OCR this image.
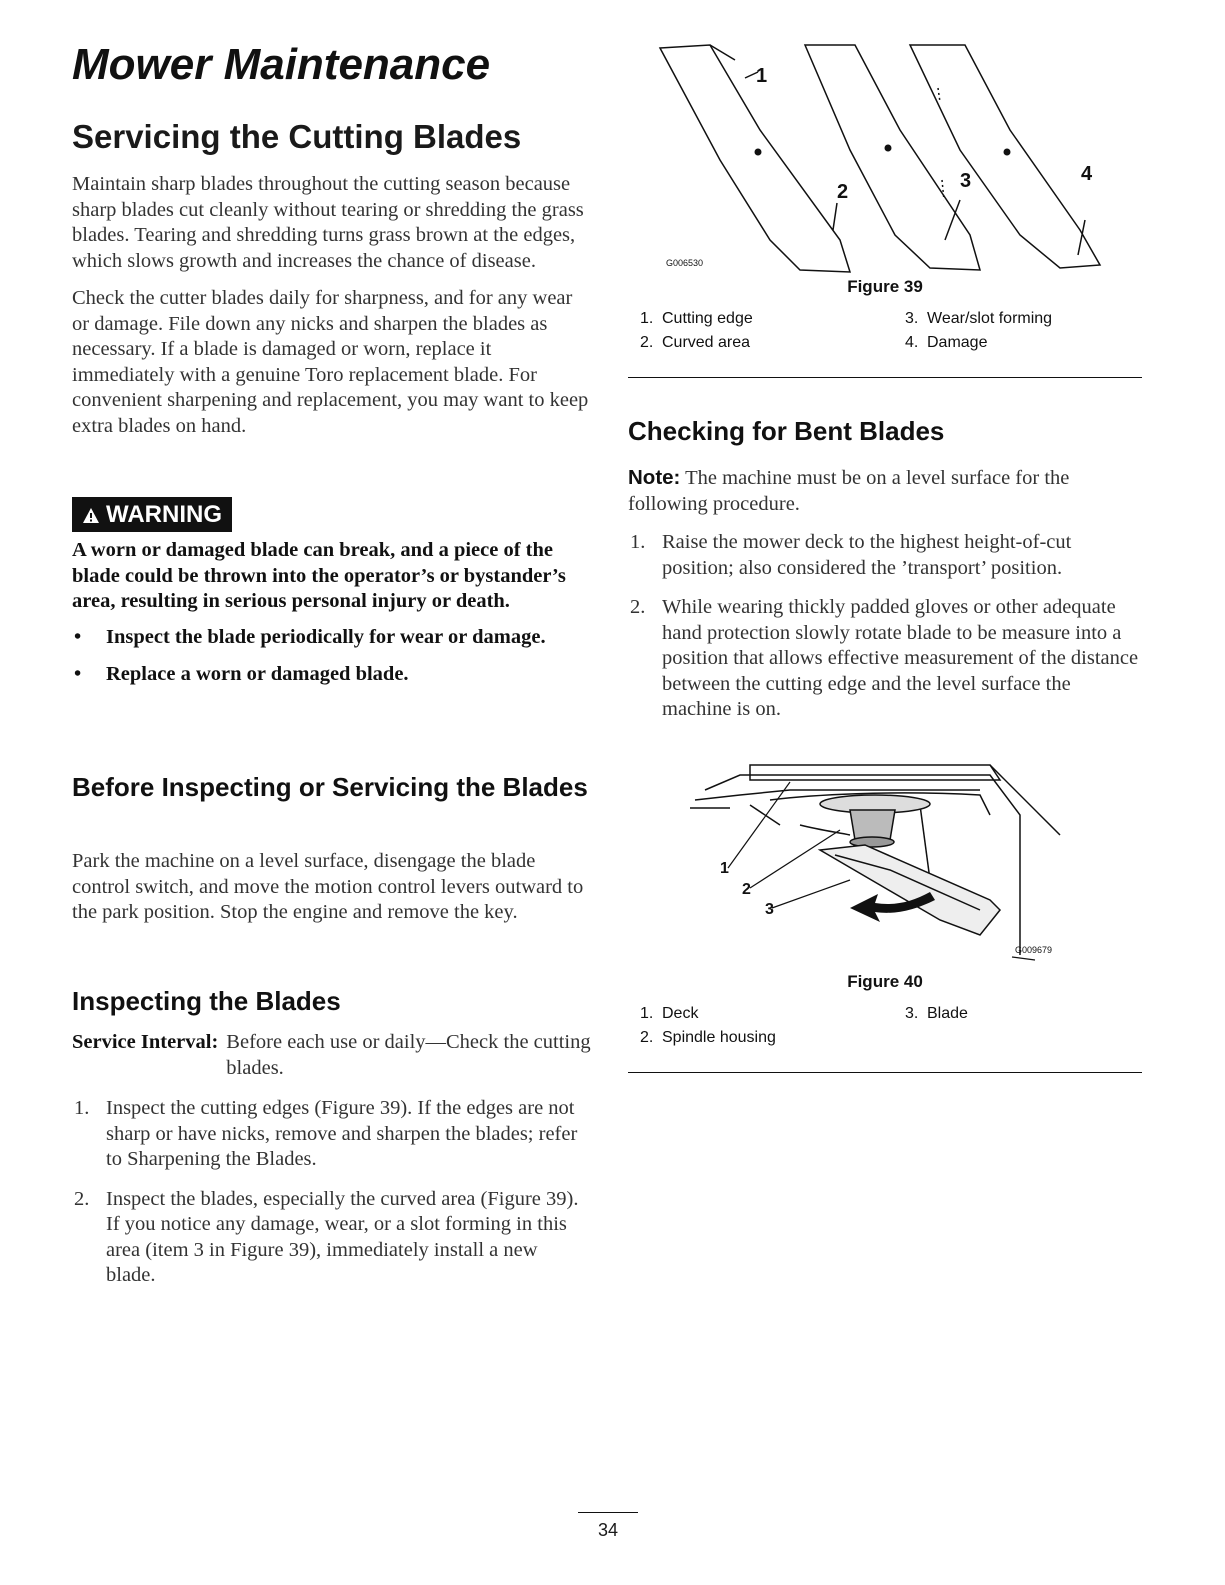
Mower Maintenance
Servicing the Cutting Blades

Maintain sharp blades throughout the cutting season because sharp blades cut cleanly without tearing or shredding the grass blades. Tearing and shredding turns grass brown at the edges, which slows growth and increases the chance of disease.

Check the cutter blades daily for sharpness, and for any wear or damage. File down any nicks and sharpen the blades as necessary. If a blade is damaged or worn, replace it immediately with a genuine Toro replacement blade. For convenient sharpening and replacement, you may want to keep extra blades on hand.

WARNING
A worn or damaged blade can break, and a piece of the blade could be thrown into the operator’s or bystander’s area, resulting in serious personal injury or death.
• Inspect the blade periodically for wear or damage.
• Replace a worn or damaged blade.
Before Inspecting or Servicing the Blades
Park the machine on a level surface, disengage the blade control switch, and move the motion control levers outward to the park position. Stop the engine and remove the key.
Inspecting the Blades
Service Interval: Before each use or daily—Check the cutting blades.
1. Inspect the cutting edges (Figure 39). If the edges are not sharp or have nicks, remove and sharpen the blades; refer to Sharpening the Blades.
2. Inspect the blades, especially the curved area (Figure 39). If you notice any damage, wear, or a slot forming in this area (item 3 in Figure 39), immediately install a new blade.
1
2	3	4
G006530
Figure 39
1. Cutting edge
2. Curved area
3. Wear/slot forming
4. Damage
Checking for Bent Blades
Note: The machine must be on a level surface for the following procedure.
1. Raise the mower deck to the highest height-of-cut position; also considered the ’transport’ position.
2. While wearing thickly padded gloves or other adequate hand protection slowly rotate blade to be measure into a position that allows effective measurement of the distance between the cutting edge and the level surface the machine is on.
1
2
3
G009679
Figure 40
1. Deck
2. Spindle housing
3. Blade
34
